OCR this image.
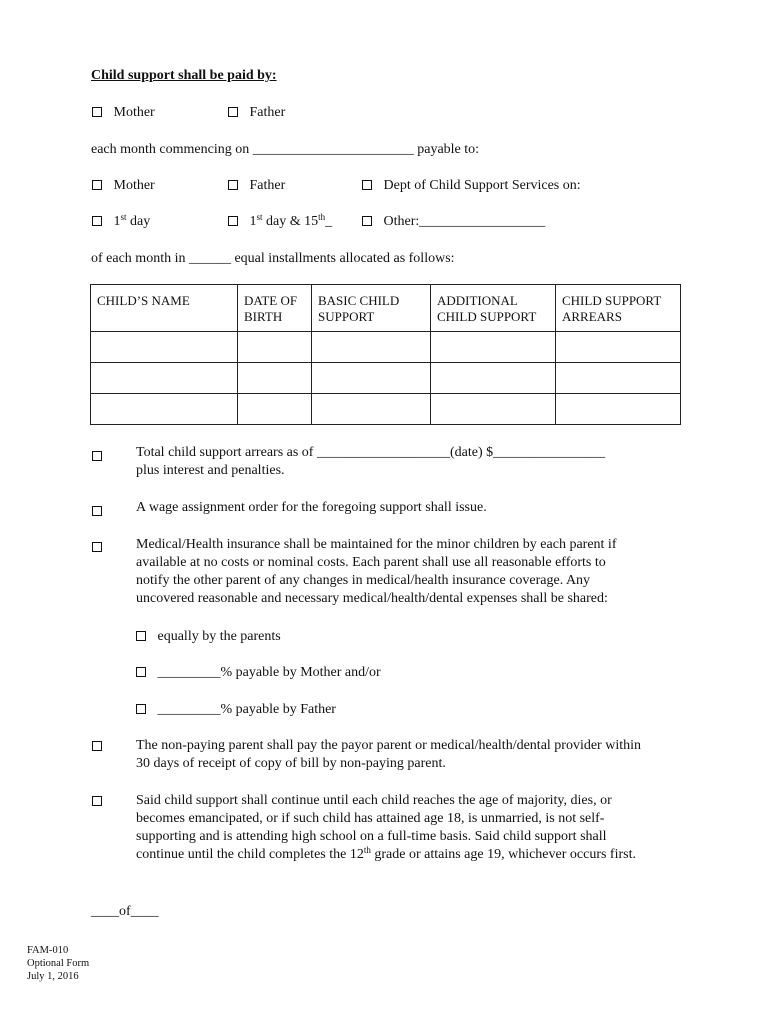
Child support shall be paid by:
Mother	Father
each month commencing on _______________________ payable to:
Mother	Father	Dept of Child Support Services on:
1st day	1st day & 15th_	Other:__________________
of each month in ______ equal installments allocated as follows:
CHILD’S NAME	DATE OF BIRTH	BASIC CHILD SUPPORT	ADDITIONAL CHILD SUPPORT	CHILD SUPPORT ARREARS

Total child support arrears as of ___________________(date) $________________
plus interest and penalties.
A wage assignment order for the foregoing support shall issue.
Medical/Health insurance shall be maintained for the minor children by each parent if
available at no costs or nominal costs. Each parent shall use all reasonable efforts to
notify the other parent of any changes in medical/health insurance coverage. Any
uncovered reasonable and necessary medical/health/dental expenses shall be shared:
equally by the parents
_________% payable by Mother and/or
_________% payable by Father
The non-paying parent shall pay the payor parent or medical/health/dental provider within
30 days of receipt of copy of bill by non-paying parent.
Said child support shall continue until each child reaches the age of majority, dies, or
becomes emancipated, or if such child has attained age 18, is unmarried, is not self-
supporting and is attending high school on a full-time basis. Said child support shall
continue until the child completes the 12th grade or attains age 19, whichever occurs first.
____of____
FAM-010
Optional Form
July 1, 2016
